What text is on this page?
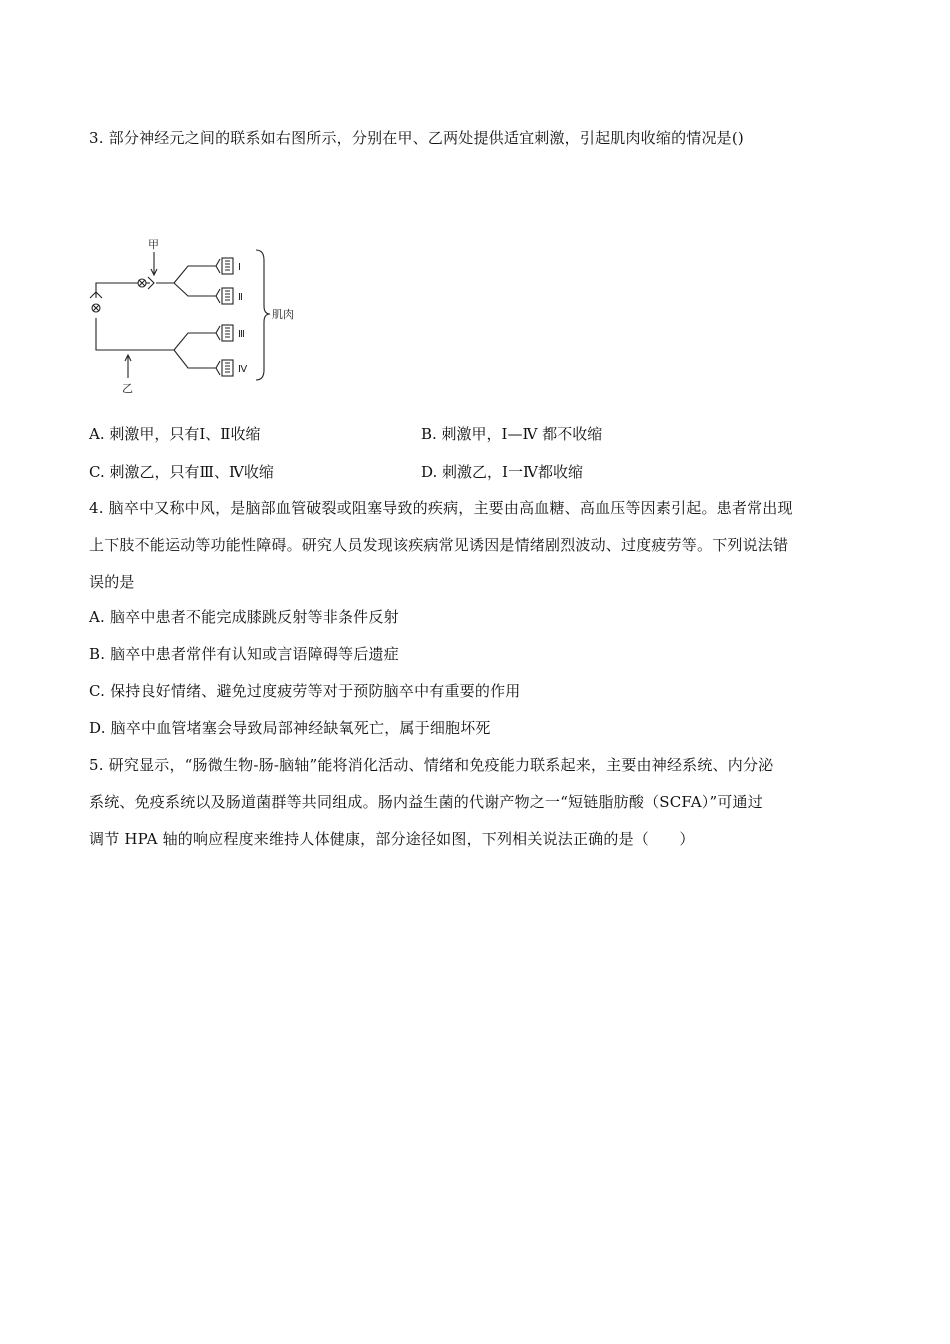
3. 部分神经元之间的联系如右图所示，分别在甲、乙两处提供适宜刺激，引起肌肉收缩的情况是()
甲
乙
Ⅰ
Ⅱ
Ⅲ
Ⅳ
肌肉
A. 刺激甲，只有Ⅰ、Ⅱ收缩	B. 刺激甲，Ⅰ—Ⅳ 都不收缩
C. 刺激乙，只有Ⅲ、Ⅳ收缩	D. 刺激乙，Ⅰ一Ⅳ都收缩
4. 脑卒中又称中风，是脑部血管破裂或阻塞导致的疾病，主要由高血糖、高血压等因素引起。患者常出现
上下肢不能运动等功能性障碍。研究人员发现该疾病常见诱因是情绪剧烈波动、过度疲劳等。下列说法错
误的是
A. 脑卒中患者不能完成膝跳反射等非条件反射
B. 脑卒中患者常伴有认知或言语障碍等后遗症
C. 保持良好情绪、避免过度疲劳等对于预防脑卒中有重要的作用
D. 脑卒中血管堵塞会导致局部神经缺氧死亡，属于细胞坏死
5. 研究显示，“肠微生物-肠-脑轴”能将消化活动、情绪和免疫能力联系起来，主要由神经系统、内分泌
系统、免疫系统以及肠道菌群等共同组成。肠内益生菌的代谢产物之一“短链脂肪酸（SCFA）”可通过
调节 HPA 轴的响应程度来维持人体健康，部分途径如图，下列相关说法正确的是（　　）
